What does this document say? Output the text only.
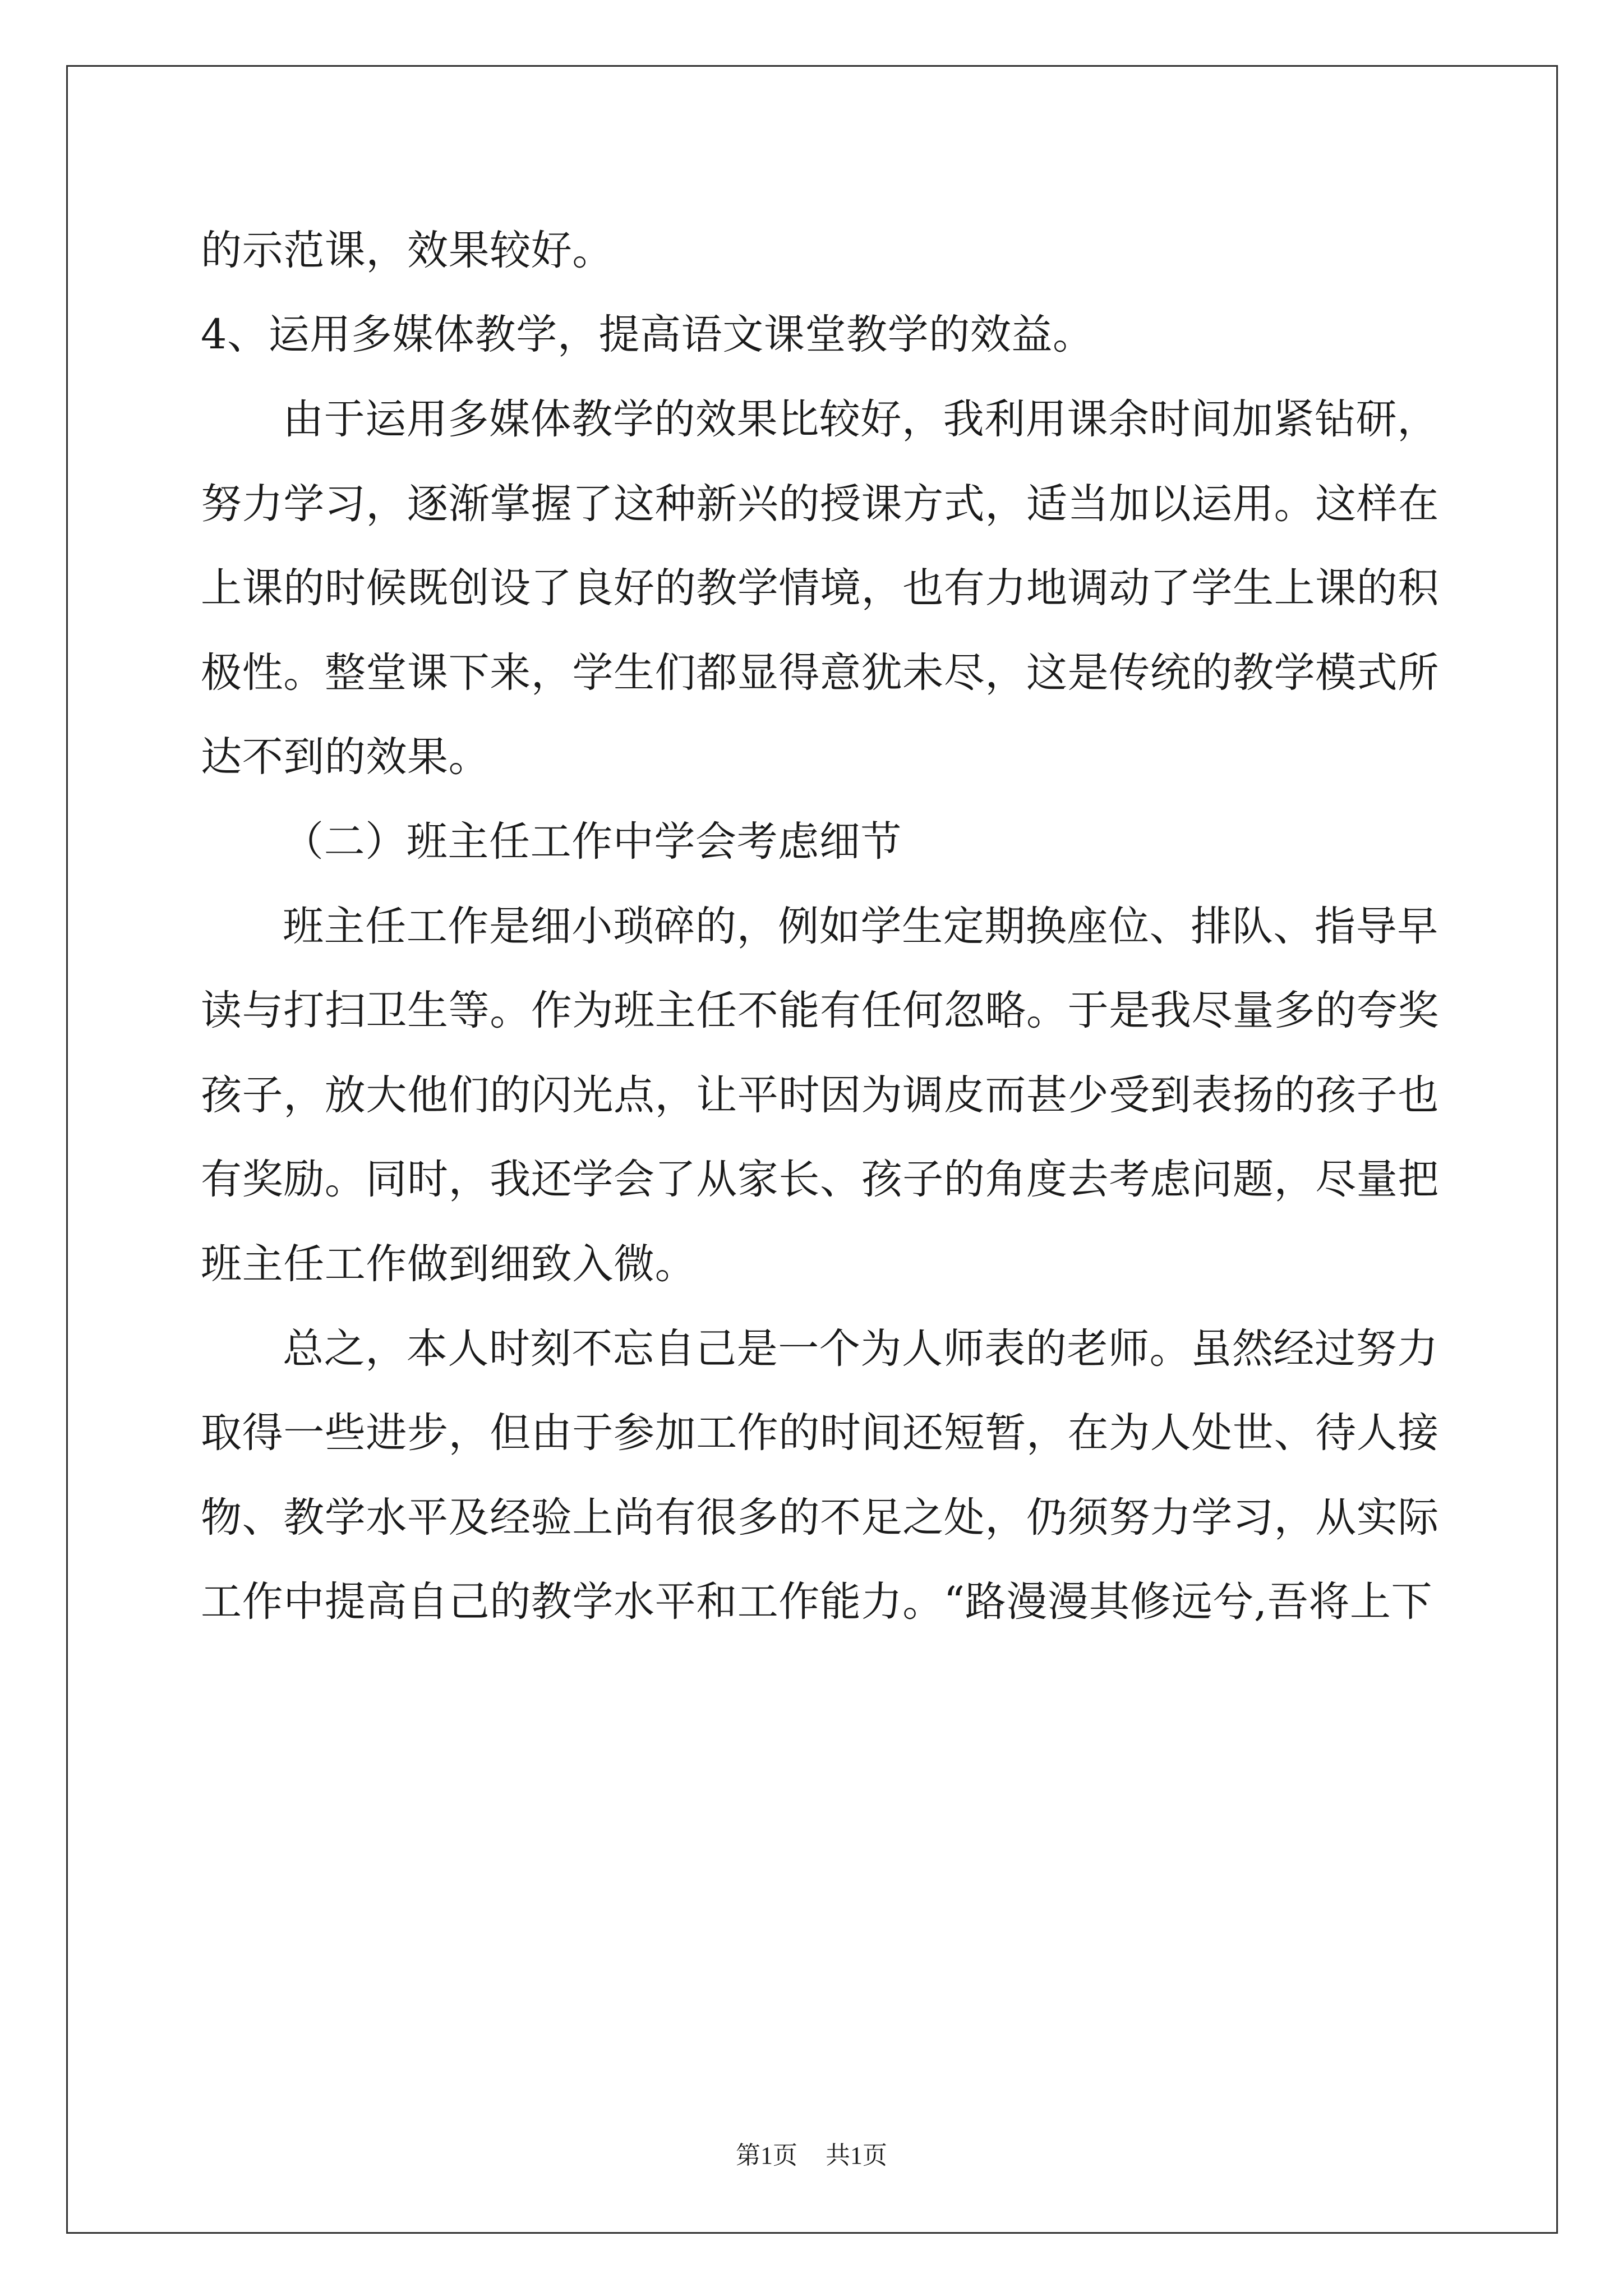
的示范课，效果较好。
4、运用多媒体教学，提高语文课堂教学的效益。
由于运用多媒体教学的效果比较好，我利用课余时间加紧钻研，
努力学习，逐渐掌握了这种新兴的授课方式，适当加以运用。这样在
上课的时候既创设了良好的教学情境，也有力地调动了学生上课的积
极性。整堂课下来，学生们都显得意犹未尽，这是传统的教学模式所
达不到的效果。
（二）班主任工作中学会考虑细节
班主任工作是细小琐碎的，例如学生定期换座位、排队、指导早
读与打扫卫生等。作为班主任不能有任何忽略。于是我尽量多的夸奖
孩子，放大他们的闪光点，让平时因为调皮而甚少受到表扬的孩子也
有奖励。同时，我还学会了从家长、孩子的角度去考虑问题，尽量把
班主任工作做到细致入微。
总之，本人时刻不忘自己是一个为人师表的老师。虽然经过努力
取得一些进步，但由于参加工作的时间还短暂，在为人处世、待人接
物、教学水平及经验上尚有很多的不足之处，仍须努力学习，从实际
工作中提高自己的教学水平和工作能力。“路漫漫其修远兮,吾将上下
第1页 共1页
